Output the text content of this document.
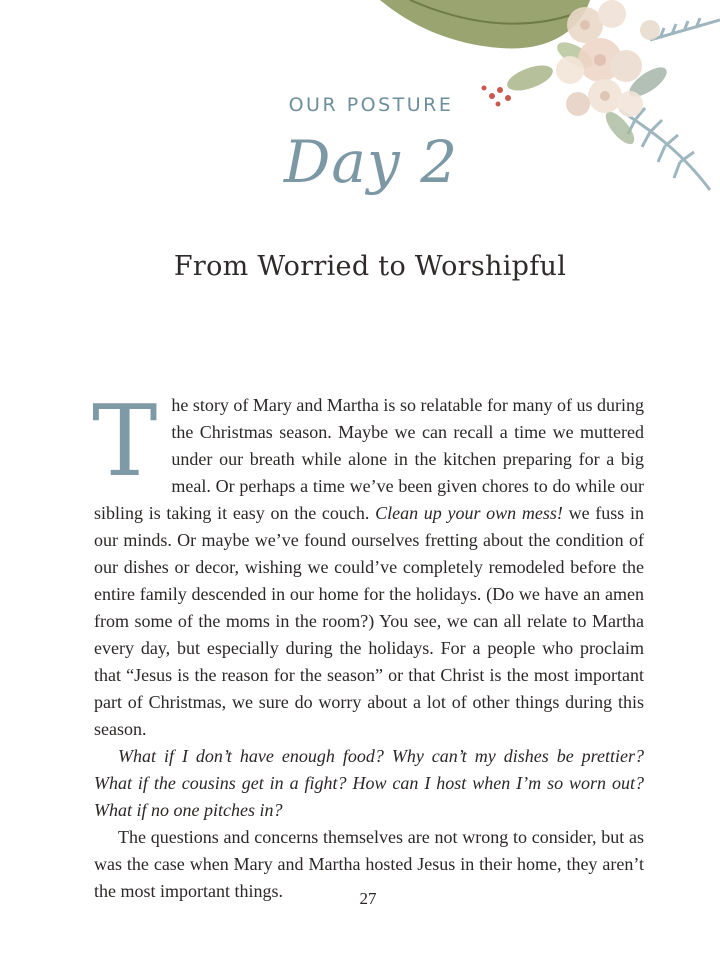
OUR POSTURE
Day 2
From Worried to Worshipful

The story of Mary and Martha is so relatable for many of us during the Christmas season. Maybe we can recall a time we muttered under our breath while alone in the kitchen preparing for a big meal. Or perhaps a time we’ve been given chores to do while our sibling is taking it easy on the couch. Clean up your own mess! we fuss in our minds. Or maybe we’ve found ourselves fretting about the condition of our dishes or decor, wishing we could’ve completely remodeled before the entire family descended in our home for the holidays. (Do we have an amen from some of the moms in the room?) You see, we can all relate to Martha every day, but especially during the holidays. For a people who proclaim that “Jesus is the reason for the season” or that Christ is the most important part of Christmas, we sure do worry about a lot of other things during this season.

What if I don’t have enough food? Why can’t my dishes be prettier? What if the cousins get in a fight? How can I host when I’m so worn out? What if no one pitches in?

The questions and concerns themselves are not wrong to consider, but as was the case when Mary and Martha hosted Jesus in their home, they aren’t the most important things.	27
